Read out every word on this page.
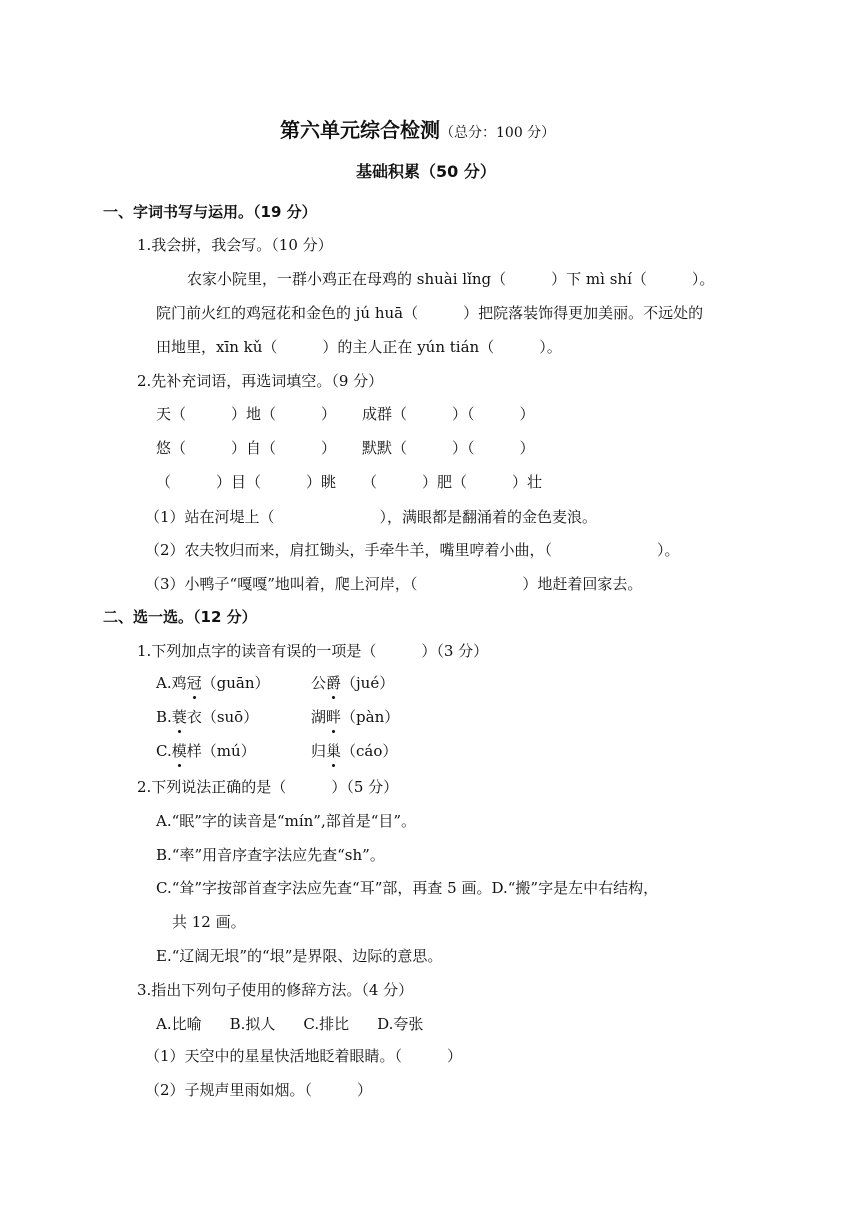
第六单元综合检测（总分：100 分）
基础积累（50 分）
一、字词书写与运用。（19 分）
1.我会拼，我会写。（10 分）
农家小院里，一群小鸡正在母鸡的 shuài lǐng（　　　）下 mì shí（　　　）。
院门前火红的鸡冠花和金色的 jú huā（　　　）把院落装饰得更加美丽。不远处的
田地里，xīn kǔ（　　　）的主人正在 yún tián（　　　）。
2.先补充词语，再选词填空。（9 分）
天（　　　）地（　　　） 成群（　　　）（　　　）
悠（　　　）自（　　　） 默默（　　　）（　　　）
（　　　）目（　　　）眺 （　　　）肥（　　　）壮
（1）站在河堤上（　　　　　　　），满眼都是翻涌着的金色麦浪。
（2）农夫牧归而来，肩扛锄头，手牵牛羊，嘴里哼着小曲，（　　　　　　　）。
（3）小鸭子“嘎嘎”地叫着，爬上河岸，（　　　　　　　）地赶着回家去。
二、选一选。（12 分）
1.下列加点字的读音有误的一项是（　　　）（3 分）
A.鸡冠（guān）	公爵（jué）
B.蓑衣（suō）	湖畔（pàn）
C.模样（mú）	归巢（cáo）
2.下列说法正确的是（　　　）（5 分）
A.“眠”字的读音是“mín”,部首是“目”。
B.“率”用音序查字法应先查“sh”。
C.“耸”字按部首查字法应先查“耳”部，再查 5 画。D.“搬”字是左中右结构，
共 12 画。
E.“辽阔无垠”的“垠”是界限、边际的意思。
3.指出下列句子使用的修辞方法。（4 分）
A.比喻 B.拟人 C.排比 D.夸张
（1）天空中的星星快活地眨着眼睛。（　　　）
（2）子规声里雨如烟。（　　　）
